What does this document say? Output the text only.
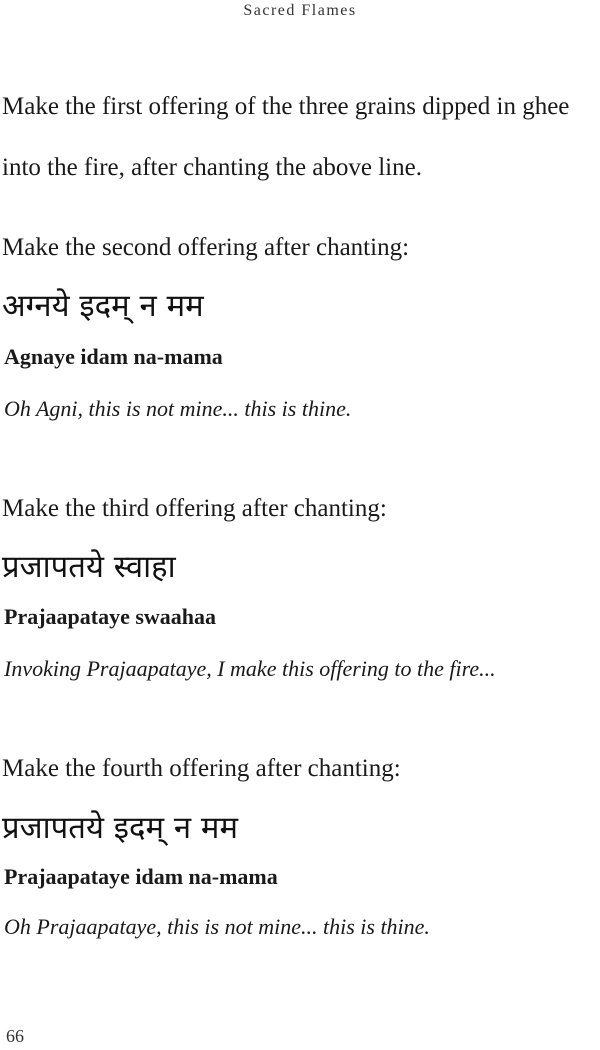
Sacred Flames

Make the first offering of the three grains dipped in ghee into the fire, after chanting the above line.

Make the second offering after chanting:

अग्नये इदम् न मम

Agnaye idam na-mama

Oh Agni, this is not mine... this is thine.

Make the third offering after chanting:

प्रजापतये स्वाहा

Prajaapataye swaahaa

Invoking Prajaapataye, I make this offering to the fire...

Make the fourth offering after chanting:

प्रजापतये इदम् न मम

Prajaapataye idam na-mama

Oh Prajaapataye, this is not mine... this is thine.

66
